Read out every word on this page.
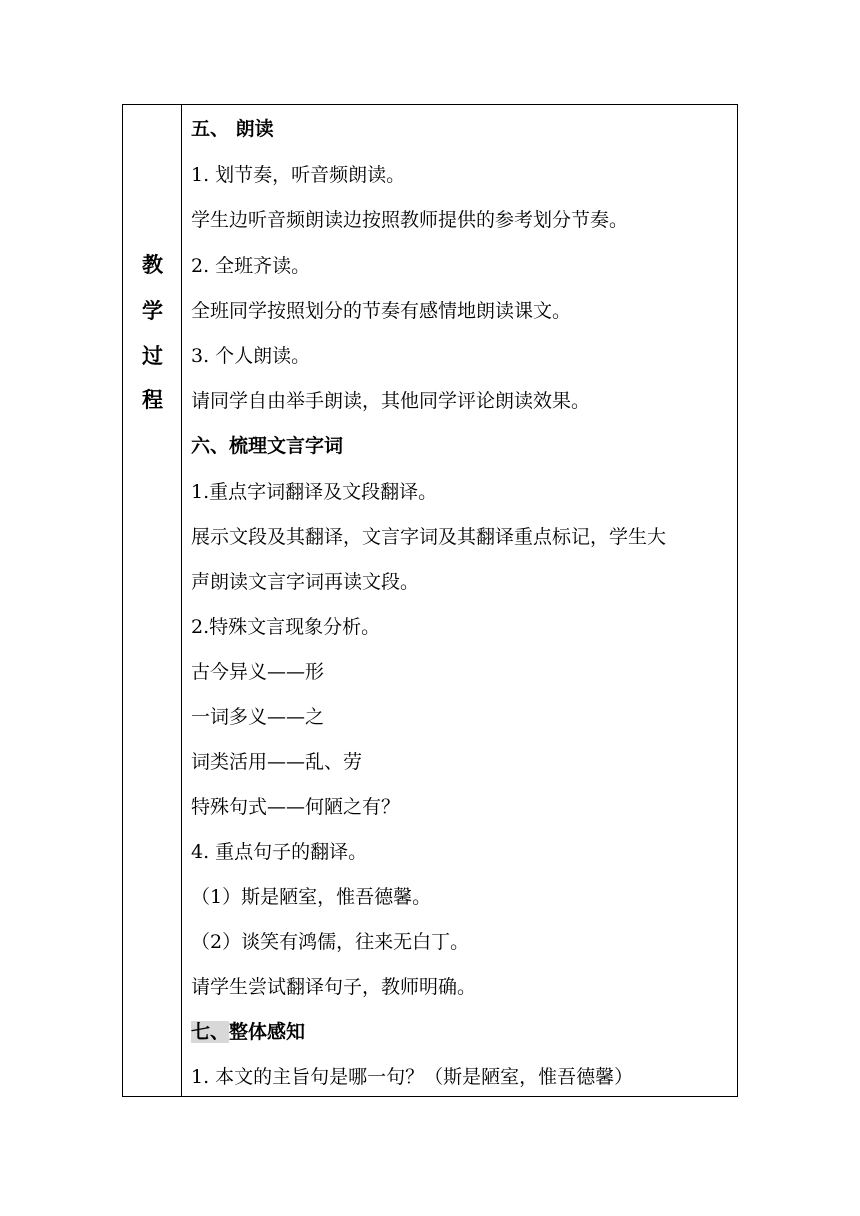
教
学
过
程
五、 朗读
1. 划节奏，听音频朗读。
学生边听音频朗读边按照教师提供的参考划分节奏。
2. 全班齐读。
全班同学按照划分的节奏有感情地朗读课文。
3. 个人朗读。
请同学自由举手朗读，其他同学评论朗读效果。
六、梳理文言字词
1.重点字词翻译及文段翻译。
展示文段及其翻译，文言字词及其翻译重点标记，学生大
声朗读文言字词再读文段。
2.特殊文言现象分析。
古今异义——形
一词多义——之
词类活用——乱、劳
特殊句式——何陋之有？
4. 重点句子的翻译。
（1）斯是陋室，惟吾德馨。
（2）谈笑有鸿儒，往来无白丁。
请学生尝试翻译句子，教师明确。
七、整体感知
1. 本文的主旨句是哪一句？（斯是陋室，惟吾德馨）
